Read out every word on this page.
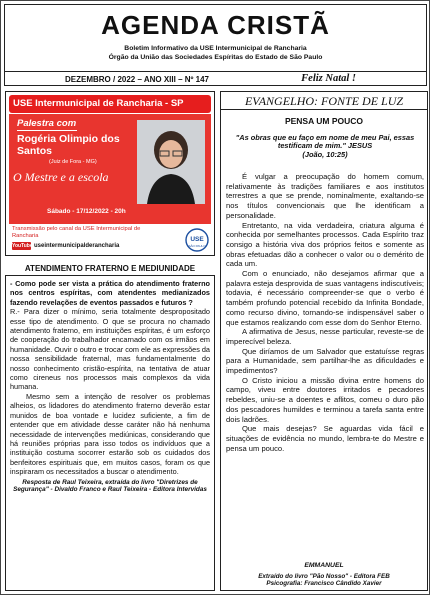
AGENDA CRISTÃ
Boletim Informativo da USE Intermunicipal de Rancharia
Órgão da União das Sociedades Espíritas do Estado de São Paulo
DEZEMBRO / 2022 – ANO XIII – Nº 147	Feliz Natal !
USE Intermunicipal de Rancharia - SP
Palestra com
Rogéria Olimpio dos Santos
(Juiz de Fora - MG)
O Mestre e a escola
Sábado - 17/12/2022 - 20h
Transmissão pelo canal da USE Intermunicipal de Rancharia
YouTube useintermunicipalderancharia
USE
SÃO PAULO
ATENDIMENTO FRATERNO E MEDIUNIDADE

- Como pode ser vista a prática do atendimento fraterno nos centros espíritas, com atendentes medianizados fazendo revelações de eventos passados e futuros ?

R.- Para dizer o mínimo, seria totalmente despropositado esse tipo de atendimento. O que se procura no chamado atendimento fraterno, em instituições espíritas, é um esforço de cooperação do trabalhador encarnado com os irmãos em humanidade. Ouvir o outro e trocar com ele as expressões da nossa sensibilidade fraternal, mas fundamentalmente do nosso conhecimento cristão-espírita, na tentativa de atuar como cireneus nos processos mais complexos da vida humana.

Mesmo sem a intenção de resolver os problemas alheios, os lidadores do atendimento fraterno deverão estar munidos de boa vontade e lucidez suficiente, a fim de entender que em atividade desse caráter não há nenhuma necessidade de intervenções mediúnicas, considerando que há reuniões próprias para isso todos os indivíduos que a instituição costuma socorrer estarão sob os cuidados dos benfeitores espirituais que, em muitos casos, foram os que inspiraram os necessitados a buscar o atendimento.

Resposta de Raul Teixeira, extraída do livro "Diretrizes de Segurança" - Divaldo Franco e Raul Teixeira - Editora Intervidas

EVANGELHO: FONTE DE LUZ
PENSA UM POUCO
"As obras que eu faço em nome de meu Pai, essas testificam de mim." JESUS
(João, 10:25)

É vulgar a preocupação do homem comum, relativamente às tradições familiares e aos institutos terrestres a que se prende, nominalmente, exaltando-se nos títulos convencionais que lhe identificam a personalidade.

Entretanto, na vida verdadeira, criatura alguma é conhecida por semelhantes processos. Cada Espírito traz consigo a história viva dos próprios feitos e somente as obras efetuadas dão a conhecer o valor ou o demérito de cada um.

Com o enunciado, não desejamos afirmar que a palavra esteja desprovida de suas vantagens indiscutíveis; todavia, é necessário compreender-se que o verbo é também profundo potencial recebido da Infinita Bondade, como recurso divino, tornando-se indispensável saber o que estamos realizando com esse dom do Senhor Eterno.

A afirmativa de Jesus, nesse particular, reveste-se de imperecível beleza.

Que diríamos de um Salvador que estatuísse regras para a Humanidade, sem partilhar-lhe as dificuldades e impedimentos?

O Cristo iniciou a missão divina entre homens do campo, viveu entre doutores irritados e pecadores rebeldes, uniu-se a doentes e aflitos, comeu o duro pão dos pescadores humildes e terminou a tarefa santa entre dois ladrões.

Que mais desejas? Se aguardas vida fácil e situações de evidência no mundo, lembra-te do Mestre e pensa um pouco.

EMMANUEL
Extraído do livro "Pão Nosso" - Editora FEB
Psicografia: Francisco Cândido Xavier
